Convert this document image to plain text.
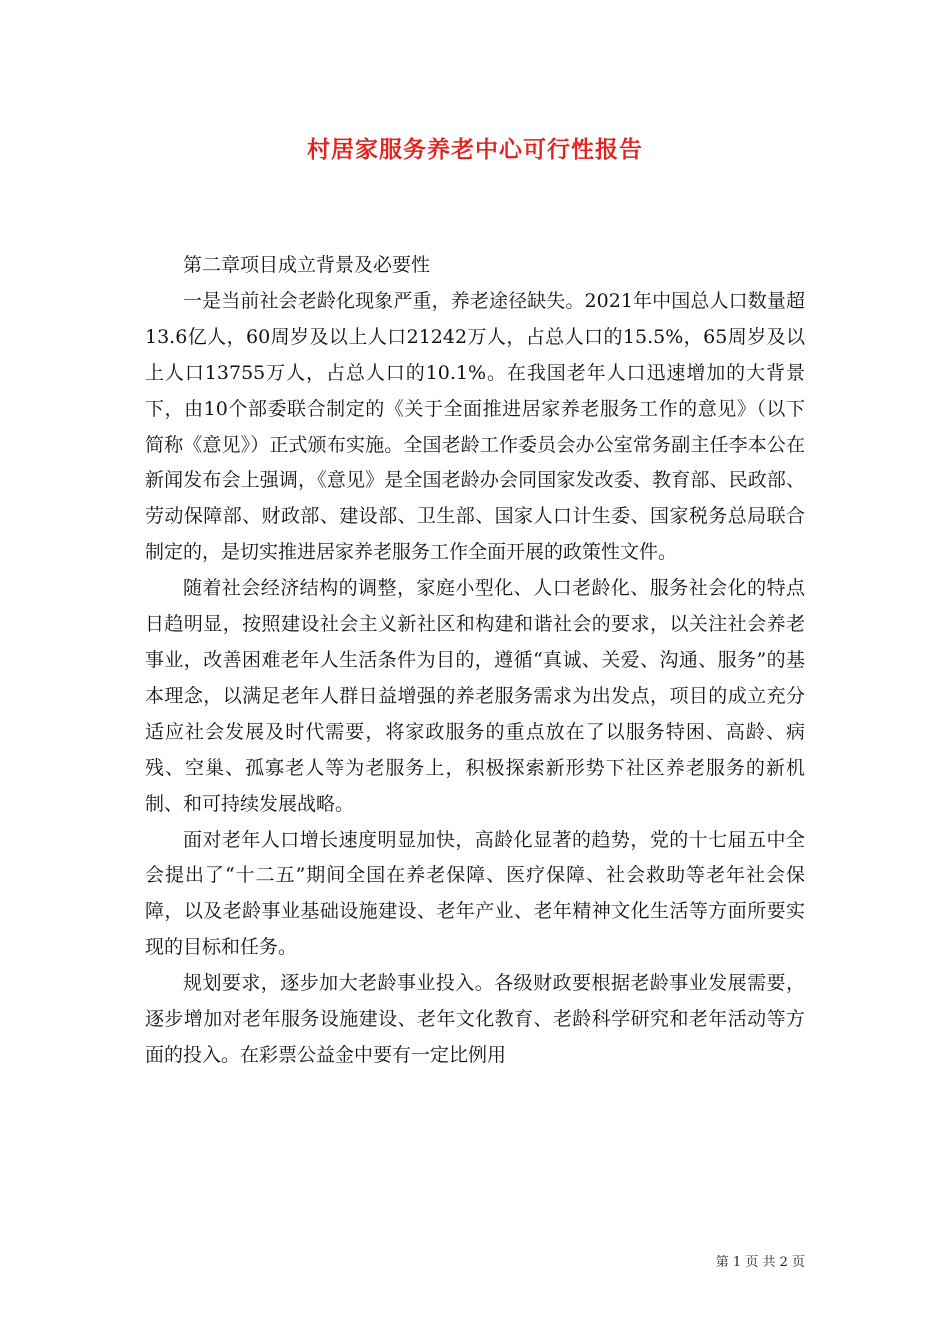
村居家服务养老中心可行性报告

第二章项目成立背景及必要性

一是当前社会老龄化现象严重，养老途径缺失。2021年中国总人口数量超13.6亿人，60周岁及以上人口21242万人，占总人口的15.5%，65周岁及以上人口13755万人，占总人口的10.1%。在我国老年人口迅速增加的大背景下，由10个部委联合制定的《关于全面推进居家养老服务工作的意见》（以下简称《意见》）正式颁布实施。全国老龄工作委员会办公室常务副主任李本公在新闻发布会上强调，《意见》是全国老龄办会同国家发改委、教育部、民政部、劳动保障部、财政部、建设部、卫生部、国家人口计生委、国家税务总局联合制定的，是切实推进居家养老服务工作全面开展的政策性文件。

随着社会经济结构的调整，家庭小型化、人口老龄化、服务社会化的特点日趋明显，按照建设社会主义新社区和构建和谐社会的要求，以关注社会养老事业，改善困难老年人生活条件为目的，遵循“真诚、关爱、沟通、服务”的基本理念，以满足老年人群日益增强的养老服务需求为出发点，项目的成立充分适应社会发展及时代需要，将家政服务的重点放在了以服务特困、高龄、病残、空巢、孤寡老人等为老服务上，积极探索新形势下社区养老服务的新机制、和可持续发展战略。

面对老年人口增长速度明显加快，高龄化显著的趋势，党的十七届五中全会提出了“十二五”期间全国在养老保障、医疗保障、社会救助等老年社会保障，以及老龄事业基础设施建设、老年产业、老年精神文化生活等方面所要实现的目标和任务。

规划要求，逐步加大老龄事业投入。各级财政要根据老龄事业发展需要，逐步增加对老年服务设施建设、老年文化教育、老龄科学研究和老年活动等方面的投入。在彩票公益金中要有一定比例用

第 1 页 共 2 页
